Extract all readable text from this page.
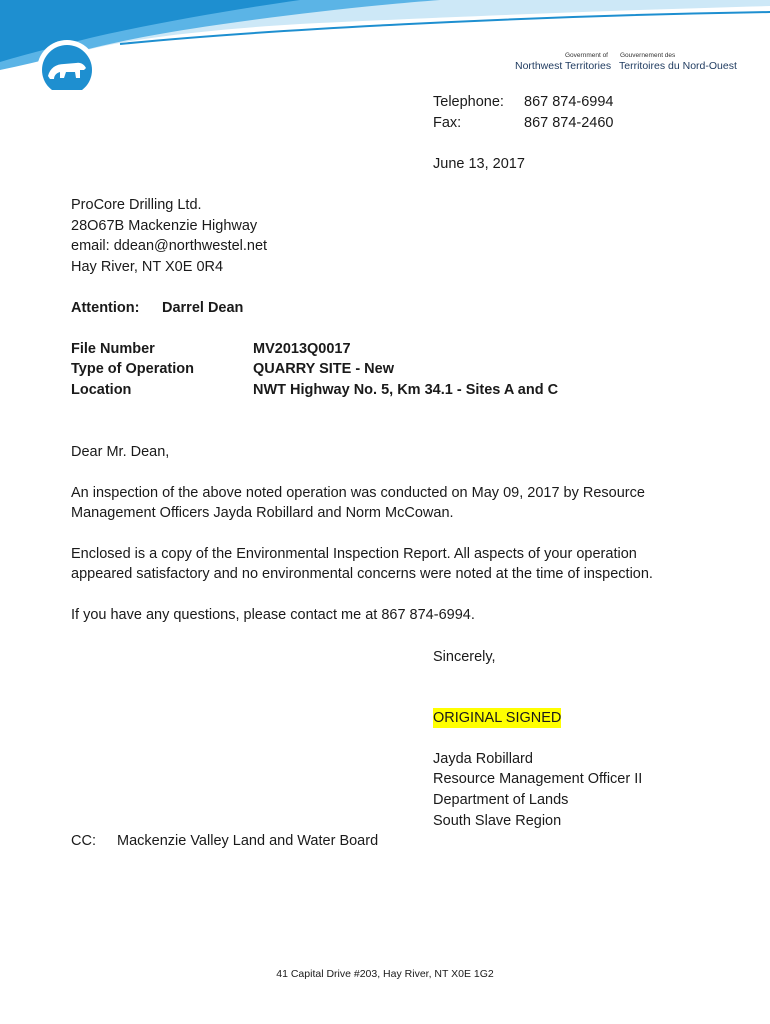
Government of Gouvernement des
Northwest Territories Territoires du Nord-Ouest
Telephone: 867 874-6994
Fax:	867 874-2460
June 13, 2017
ProCore Drilling Ltd.
28O67B Mackenzie Highway
email: ddean@northwestel.net
Hay River, NT X0E 0R4
Attention: Darrel Dean
File Number	MV2013Q0017
Type of Operation	QUARRY SITE - New
Location	NWT Highway No. 5, Km 34.1 - Sites A and C
Dear Mr. Dean,
An inspection of the above noted operation was conducted on May 09, 2017 by Resource
Management Officers Jayda Robillard and Norm McCowan.
Enclosed is a copy of the Environmental Inspection Report. All aspects of your operation
appeared satisfactory and no environmental concerns were noted at the time of inspection.
If you have any questions, please contact me at 867 874-6994.
Sincerely,
ORIGINAL SIGNED
Jayda Robillard
Resource Management Officer II
Department of Lands
South Slave Region
CC: Mackenzie Valley Land and Water Board
41 Capital Drive #203, Hay River, NT X0E 1G2
